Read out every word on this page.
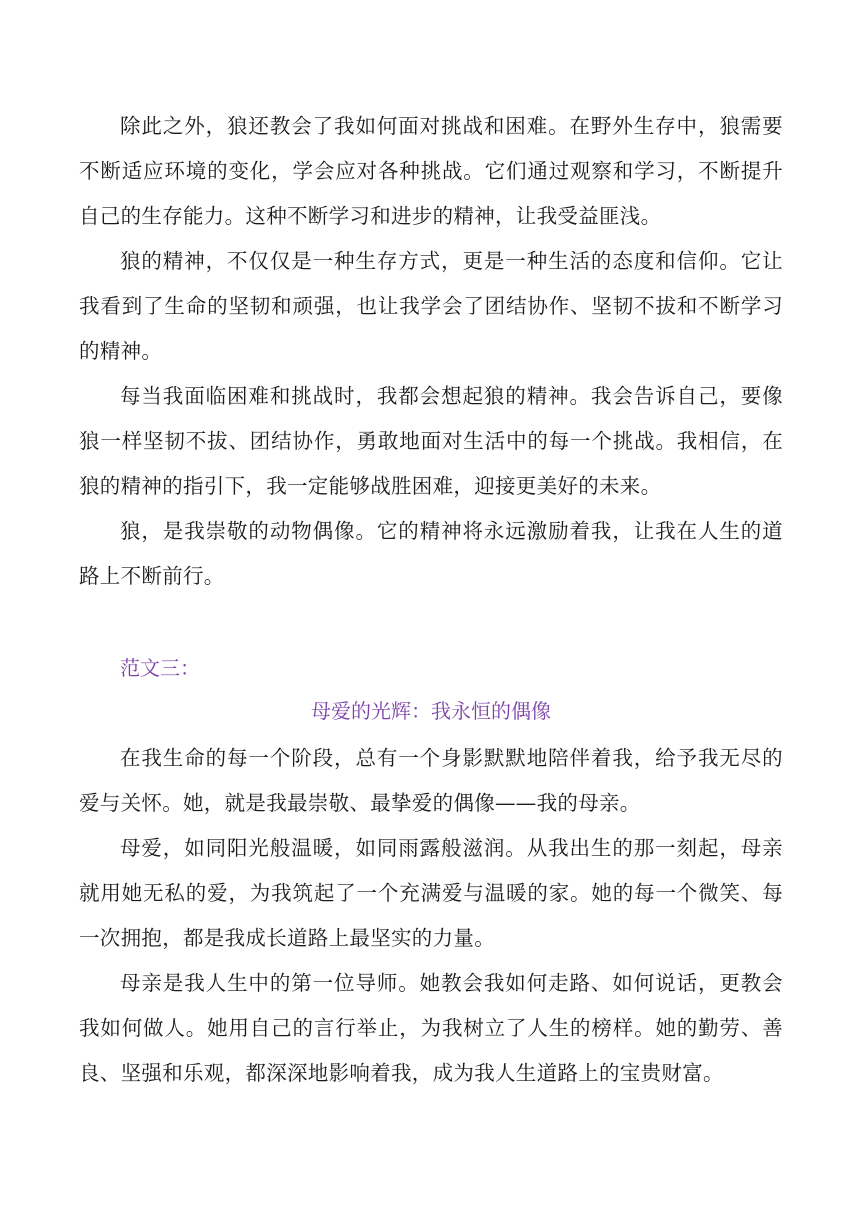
除此之外，狼还教会了我如何面对挑战和困难。在野外生存中，狼需要不断适应环境的变化，学会应对各种挑战。它们通过观察和学习，不断提升自己的生存能力。这种不断学习和进步的精神，让我受益匪浅。

狼的精神，不仅仅是一种生存方式，更是一种生活的态度和信仰。它让我看到了生命的坚韧和顽强，也让我学会了团结协作、坚韧不拔和不断学习的精神。

每当我面临困难和挑战时，我都会想起狼的精神。我会告诉自己，要像狼一样坚韧不拔、团结协作，勇敢地面对生活中的每一个挑战。我相信，在狼的精神的指引下，我一定能够战胜困难，迎接更美好的未来。

狼，是我崇敬的动物偶像。它的精神将永远激励着我，让我在人生的道路上不断前行。

范文三：

母爱的光辉：我永恒的偶像

在我生命的每一个阶段，总有一个身影默默地陪伴着我，给予我无尽的爱与关怀。她，就是我最崇敬、最挚爱的偶像——我的母亲。

母爱，如同阳光般温暖，如同雨露般滋润。从我出生的那一刻起，母亲就用她无私的爱，为我筑起了一个充满爱与温暖的家。她的每一个微笑、每一次拥抱，都是我成长道路上最坚实的力量。

母亲是我人生中的第一位导师。她教会我如何走路、如何说话，更教会我如何做人。她用自己的言行举止，为我树立了人生的榜样。她的勤劳、善良、坚强和乐观，都深深地影响着我，成为我人生道路上的宝贵财富。
